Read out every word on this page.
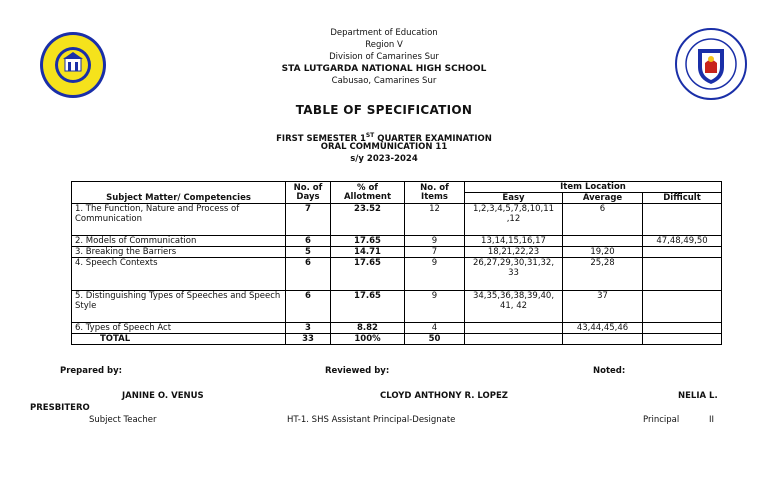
Department of Education
Region V
Division of Camarines Sur
STA LUTGARDA NATIONAL HIGH SCHOOL
Cabusao, Camarines Sur
TABLE OF SPECIFICATION
FIRST SEMESTER 1ST QUARTER EXAMINATION
ORAL COMMUNICATION 11
s/y 2023-2024
Subject Matter/ Competencies	No. of Days	% of Allotment	No. of Items	Item Location		
				Easy	Average	Difficult
1. The Function, Nature and Process of Communication	7	23.52	12	1,2,3,4,5,7,8,10,11 ,12	6	
2. Models of Communication	6	17.65	9	13,14,15,16,17		47,48,49,50
3. Breaking the Barriers	5	14.71	7	18,21,22,23	19,20	
4. Speech Contexts	6	17.65	9	26,27,29,30,31,32, 33	25,28	
5. Distinguishing Types of Speeches and Speech Style	6	17.65	9	34,35,36,38,39,40, 41, 42	37	
6. Types of Speech Act	3	8.82	4		43,44,45,46	
TOTAL	33	100%	50			
Prepared by:	Reviewed by:	Noted:
JANINE O. VENUS	CLOYD ANTHONY R. LOPEZ	NELIA L.
PRESBITERO
Subject Teacher	HT-1. SHS Assistant Principal-Designate	Principal	II
